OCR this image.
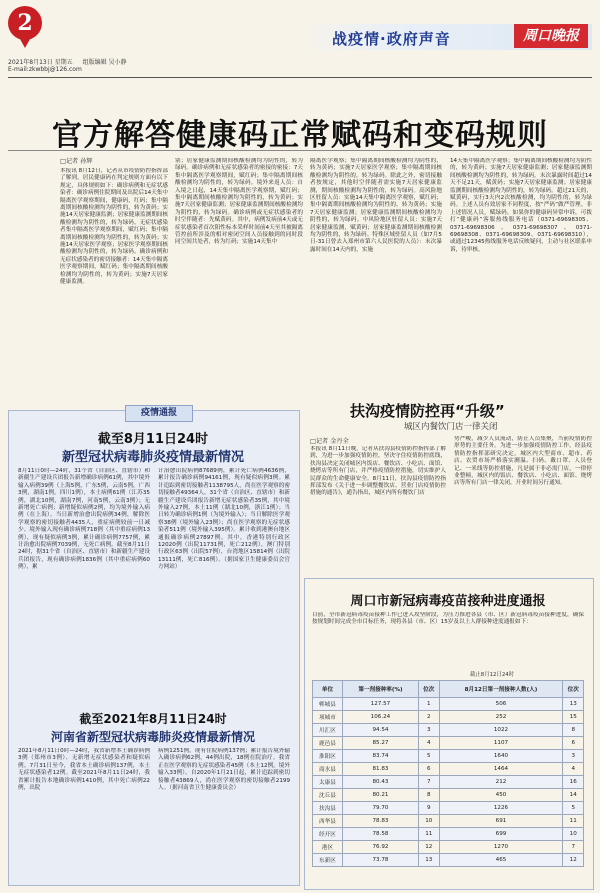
2
战疫情·政府声音	周口晚报
2021年8月13日 星期五 组版编辑 吴小静
E-mail:zkwbbj@126.com
官方解答健康码正常赋码和变码规则
□记者 孙辉
本报讯 8月12日，记者从市疫情防控指挥部了解到，居民健康码在判定规则方面有以下规定，具体规则如下：确诊病例和无症状感染者：确诊病例住院期间及出院后14天集中隔离医学观察期间，健康码，红码；集中隔离期间核酸检测均为阴性的，转为黄码；实施14天居家健康监测；居家健康监测期间核酸检测均为阴性的，转为绿码。无症状感染者集中隔离医学观察期间，赋红码；集中隔离期间核酸检测均为阴性的，转为黄码；实施14天居家医学观察；居家医学观察期间核酸检测均为阴性的，转为绿码。确诊病例和无症状感染者的密切接触者：14天集中隔离医学观察期间，赋红码；集中隔离期间核酸检测均为阴性的，转为黄码；实施7天居家健康监测。
别；居家健康监测期间核酸检测均为阴性的，转为绿码。确诊病例和无症状感染者的密接的密接：7天集中隔离医学观察期间，赋红码；集中隔离期间核酸检测均为阴性的，转为绿码。境外来返人员：自入境之日起，14天集中隔离医学观察期，赋红码；集中隔离期间核酸检测均为阴性的，转为黄码；实施7天居家健康监测；居家健康监测期间核酸检测均为阴性的，转为绿码。确诊病例或无症状感染者的时空伴随者：先赋黄码。其中，病例发病前4天或无症状感染者首次阳性标本采样时间前4天至其被隔离管控前所涉及的相对密闭空间人员接触到的同时段同空间共处者，转为红码；实施14天集中
隔离医学观察；集中隔离期间核酸检测均为阴性的，转为黄码；实施7天居家医学观察；集中隔离期间核酸检测均为阴性的，转为绿码。除此之外，密切接触者按规定，其他时空伴随者需实施7天居家健康监测，期间核酸检测均为阴性的，转为绿码。高风险地区驻留人员：实施14天集中隔离医学观察，赋红码；集中隔离期间核酸检测均为阴性的，转为黄码；实施7天居家健康监测；居家健康监测期间核酸检测均为阴性的，转为绿码。中风险地区驻留人员：实施7天居家健康监测，赋黄码；居家健康监测期间核酸检测均为阴性的，转为绿码。特殊区域驻留人员（如7月5日-31日曾去入郑州市第六人民医院的人员）：末次暴露时间在14天内的，实施
14天集中隔离医学观察；集中隔离期间核酸检测均为阴性的，转为黄码；实施7天居家健康监测；居家健康监测期间核酸检测均为阴性的，转为绿码。末次暴露时间超过14天不足21天，赋黄码；实施7天居家健康监测；居家健康监测期间核酸检测均为阴性的，转为绿码。超过21天的，赋黄码，实行3天内2次核酸检测，均为阴性的，转为绿码。上述人员有效居家不同程度，按“严码”做严管理。非上述情况人员，赋绿码。如果你的健康码异常申诉，可拨打“健康码”客服热线服务电话（0371-69698305、0371-69698306、0371-69698307、0371-69698308、0371-69698309、0371-69698310），或通过12345热线服务电话反映疑问，主动与社区联系申诉，待审核。
疫情通报
截至8月11日24时
新型冠状病毒肺炎疫情最新情况
8月11日0时—24时，31个省（自治区、直辖市）和新疆生产建设兵团报告新增确诊病例61例，其中境外输入病例39例（上海5例，广东5例，云南5例，广西3例，湖南1例，四川1例），本土病例61例（江苏35例，湖北10例，湖南7例，河南5例，云南3例）；无新增死亡病例；新增疑似病例2例，均为境外输入病例（在上海）。当日新增治愈出院病例34例，解除医学观察的密切接触者4435人，重症病例较前一日减少。境外输入现有确诊病例718例（其中重症病例13例），现有疑似病例3例，累计确诊病例7757例，累计治愈出院病例7039例，无死亡病例。截至8月11日24时，据31个省（自治区、直辖市）和新疆生产建设兵团报告，现有确诊病例1836例（其中重症病例60例），累
计治愈出院病例87689例，累计死亡病例4636例，累计报告确诊病例94161例，现有疑似病例3例。累计追踪到密切接触者1138795人，尚在医学观察的密切接触者49364人。31个省（自治区、直辖市）和新疆生产建设兵团报告新增无症状感染者35例，其中境外输入27例，本土11例（湖北10例，浙江1例）；当日转为确诊病例1例（为境外输入）；当日解除医学观察38例（境外输入23例）；尚在医学观察的无症状感染者511例（境外输入395例）。累计收到港澳台地区通报确诊病例27897例。其中，香港特别行政区12020例（出院11731例，死亡212例），澳门特别行政区63例（出院57例），台湾地区15814例（出院13111例，死亡816例）。（据国家卫生健康委员会官方网站）
截至2021年8月11日24时
河南省新型冠状病毒肺炎疫情最新情况
2021年8月11日0时—24时，我省新增本土确诊病例3例（郑州市3例）、无新增无症状感染者和疑似病例。7月31日至今，我省本土确诊病例137例，本土无症状感染者12例。截至2021年8月11日24时，我省累计报告本地确诊病例1410例，其中死亡病例22例，出院
病例1251例，现有住院病例137例；累计报告境外输入确诊病例62例，44例出院，18例在院治疗。我省正在医学观察的无症状感染者45例（本土12例，境外输入33例）。自2020年1月21日起，累计追踪到密切接触者43869人，尚在医学观察的密切接触者2199人。（据河南省卫生健康委员会）
扶沟疫情防控再“升级”
城区内餐饮门店一律关闭
□记者 金丹全
本报讯 8月11日晚，记者从扶沟县疫情防控指挥部了解到，为进一步加强疫情防控，坚决守住疫情防控底线，扶沟县决定关闭城区内饭店、餐饮店、小吃店、面馆、烧烤店等所有门店，并严格疫情防控措施，切实维护人民群众的生命健康安全。8月11日，扶沟县疫情防控指挥部发布《关于进一步调整餐饮店、营业门店疫情防控措施的通告》，通告指出，城区内所有餐饮门店
势严峻，减少人员流动，防止人员集聚，当前疫情防控形势的主要任务。为进一步加强疫情防控工作，经县疫情防控指挥部研究决定，城区内大型商市、超市、药店、农贸市场严格落实测温、扫码、戴口罩、人员登记、一米线等防控措施，凡是属于非必需门店，一律停业整顿，城区内的饭店、餐饮店、小吃店、面馆、烧烤店等所有门店一律关闭，开业时间另行通知。
周口市新冠病毒疫苗接种进度通报
目前，全市新冠病毒疫苗接种工作已进入攻坚阶段，为压力推进各县（市、区）新冠病毒疫苗接种进度，确保按规划时间完成全市目标任务，现将各县（市、区）15岁及以上人群接种进度通报如下：
截止8月12日24时
单位	第一剂接种率(%)	位次	8月12日第一剂接种人数(人)	位次
郸城县	127.57	1	506	13
项城市	106.24	2	252	15
川汇区	94.54	3	1022	8
鹿邑县	85.27	4	1107	6
淮阳区	83.74	5	1640	3
商水县	81.83	6	1464	4
太康县	80.43	7	212	16
沈丘县	80.21	8	450	14
扶沟县	79.70	9	1226	5
西华县	78.83	10	691	11
经开区	78.58	11	699	10
港区	76.92	12	1270	7
东新区	73.78	13	465	12
